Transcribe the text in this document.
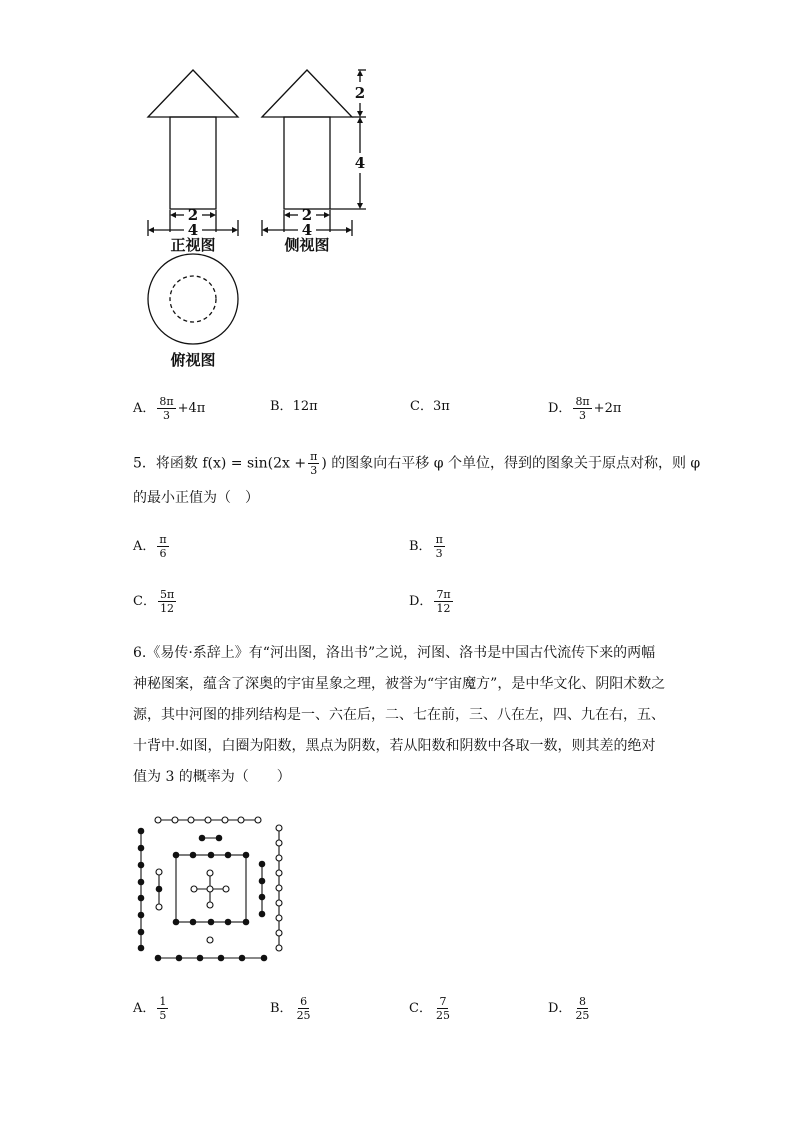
2
4
2
4
2
4
正视图	侧视图
俯视图
A． $\frac{8\pi}{3} +4\pi$	B．12π	C．3π	D． $\frac{8\pi}{3} +2\pi$
5．将函数 $f(x) = \sin(2x + \frac{\pi}{3}$ ) 的图象向右平移 φ 个单位，得到的图象关于原点对称，则 φ
的最小正值为（　）
A． $\frac{\pi}{6}$	B． $\frac{\pi}{3}$
C． $\frac{5\pi}{12}$	D． $\frac{7\pi}{12}$
6.《易传·系辞上》有“河出图，洛出书”之说，河图、洛书是中国古代流传下来的两幅
神秘图案，蕴含了深奥的宇宙星象之理，被誉为“宇宙魔方”，是中华文化、阴阳术数之
源，其中河图的排列结构是一、六在后，二、七在前，三、八在左，四、九在右，五、
十背中.如图，白圈为阳数，黑点为阴数，若从阳数和阴数中各取一数，则其差的绝对
值为 3 的概率为（　　）
A． $\frac{1}{5}$	B． $\frac{6}{25}$	C． $\frac{7}{25}$	D． $\frac{8}{25}$
